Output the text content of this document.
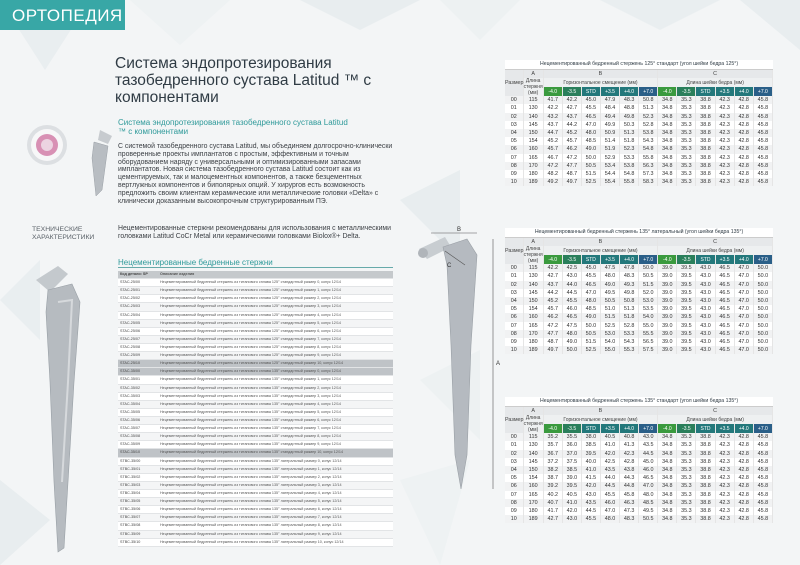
ОРТОПЕДИЯ
Система эндопротезирования тазобедренного сустава Latitud ™ с компонентами
Система эндопротезирования тазобедренного сустава Latitud ™ с компонентами
С системой тазобедренного сустава Latitud, мы объединяем долгосрочно-клинически проверенные проекты имплантатов с простым, эффективным и точным оборудованием наряду с универсальными и оптимизированными запасами имплантатов. Новая система тазобедренного сустава Latitud состоит как из цементируемых, так и малоцементных компонентов, а также безцементных вертлужных компонентов и биполярных опций. У хирургов есть возможность предложить своим клиентам керамические или металлические головки «Delta» с клинически доказанным высокопрочным структурированным ПЭ.
Нецементированные стержни рекомендованы для использования с металлическими головками Latitud CoCr Metal или керамическими головками Biolox®+ Delta.
ТЕХНИЧЕСКИЕ ХАРАКТЕРИСТИКИ
Нецементированные бедренные стержни
Код детали: SP	Описание изделия
STAC-25/00	Нецементированный бедренный стержень из титанового сплава 125° стандартный размер 0, конус 12/14
STAC-25/01	Нецементированный бедренный стержень из титанового сплава 125° стандартный размер 1, конус 12/14
STAC-25/02	Нецементированный бедренный стержень из титанового сплава 125° стандартный размер 2, конус 12/14
STAC-25/03	Нецементированный бедренный стержень из титанового сплава 125° стандартный размер 3, конус 12/14
STAC-25/04	Нецементированный бедренный стержень из титанового сплава 125° стандартный размер 4, конус 12/14
STAC-25/05	Нецементированный бедренный стержень из титанового сплава 125° стандартный размер 5, конус 12/14
STAC-25/06	Нецементированный бедренный стержень из титанового сплава 125° стандартный размер 6, конус 12/14
STAC-25/07	Нецементированный бедренный стержень из титанового сплава 125° стандартный размер 7, конус 12/14
STAC-25/08	Нецементированный бедренный стержень из титанового сплава 125° стандартный размер 8, конус 12/14
STAC-25/09	Нецементированный бедренный стержень из титанового сплава 125° стандартный размер 9, конус 12/14
STAC-25/10	Нецементированный бедренный стержень из титанового сплава 125° стандартный размер 10, конус 12/14
STAC-35/00	Нецементированный бедренный стержень из титанового сплава 135° стандартный размер 0, конус 12/14
STAC-35/01	Нецементированный бедренный стержень из титанового сплава 135° стандартный размер 1, конус 12/14
STAC-35/02	Нецементированный бедренный стержень из титанового сплава 135° стандартный размер 2, конус 12/14
STAC-35/03	Нецементированный бедренный стержень из титанового сплава 135° стандартный размер 3, конус 12/14
STAC-35/04	Нецементированный бедренный стержень из титанового сплава 135° стандартный размер 4, конус 12/14
STAC-35/05	Нецементированный бедренный стержень из титанового сплава 135° стандартный размер 5, конус 12/14
STAC-35/06	Нецементированный бедренный стержень из титанового сплава 135° стандартный размер 6, конус 12/14
STAC-35/07	Нецементированный бедренный стержень из титанового сплава 135° стандартный размер 7, конус 12/14
STAC-35/08	Нецементированный бедренный стержень из титанового сплава 135° стандартный размер 8, конус 12/14
STAC-35/09	Нецементированный бедренный стержень из титанового сплава 135° стандартный размер 9, конус 12/14
STAC-35/10	Нецементированный бедренный стержень из титанового сплава 135° стандартный размер 10, конус 12/14
STBC-35/00	Нецементированный бедренный стержень из титанового сплава 135° латеральный размер 0, конус 12/14
STBC-35/01	Нецементированный бедренный стержень из титанового сплава 135° латеральный размер 1, конус 12/14
STBC-35/02	Нецементированный бедренный стержень из титанового сплава 135° латеральный размер 2, конус 12/14
STBC-35/03	Нецементированный бедренный стержень из титанового сплава 135° латеральный размер 3, конус 12/14
STBC-35/04	Нецементированный бедренный стержень из титанового сплава 135° латеральный размер 4, конус 12/14
STBC-35/05	Нецементированный бедренный стержень из титанового сплава 135° латеральный размер 5, конус 12/14
STBC-35/06	Нецементированный бедренный стержень из титанового сплава 135° латеральный размер 6, конус 12/14
STBC-35/07	Нецементированный бедренный стержень из титанового сплава 135° латеральный размер 7, конус 12/14
STBC-35/08	Нецементированный бедренный стержень из титанового сплава 135° латеральный размер 8, конус 12/14
STBC-35/09	Нецементированный бедренный стержень из титанового сплава 135° латеральный размер 9, конус 12/14
STBC-35/10	Нецементированный бедренный стержень из титанового сплава 135° латеральный размер 10, конус 12/14
B
C
A
Нецементированный бедренный стержень 125° стандарт (угол шейки бедра 125°)
Размер	A	B						C					
	Длина стержня (мм)	Горизонтальное смещение (мм)						Длина шейки бедра (мм)					
		-4.0	-3.5	STD	+3.5	+4.0	+7.0	-4.0	-3.5	STD	+3.5	+4.0	+7.0
00	115	41.7	42.2	45.0	47.9	48.3	50.8	34.8	35.3	38.8	42.3	42.8	45.8
01	130	42.2	42.7	45.5	48.4	48.8	51.3	34.8	35.3	38.8	42.3	42.8	45.8
02	140	43.2	43.7	46.5	49.4	49.8	52.3	34.8	35.3	38.8	42.3	42.8	45.8
03	145	43.7	44.2	47.0	49.9	50.3	52.8	34.8	35.3	38.8	42.3	42.8	45.8
04	150	44.7	45.2	48.0	50.9	51.3	53.8	34.8	35.3	38.8	42.3	42.8	45.8
05	154	45.2	45.7	48.5	51.4	51.8	54.3	34.8	35.3	38.8	42.3	42.8	45.8
06	160	45.7	46.2	49.0	51.9	52.3	54.8	34.8	35.3	38.8	42.3	42.8	45.8
07	165	46.7	47.2	50.0	52.9	53.3	55.8	34.8	35.3	38.8	42.3	42.8	45.8
08	170	47.2	47.7	50.5	53.4	53.8	56.3	34.8	35.3	38.8	42.3	42.8	45.8
09	180	48.2	48.7	51.5	54.4	54.8	57.3	34.8	35.3	38.8	42.3	42.8	45.8
10	189	49.2	49.7	52.5	55.4	55.8	58.3	34.8	35.3	38.8	42.3	42.8	45.8
Нецементированный бедренный стержень 135° латеральный (угол шейки бедра 135°)
Размер	A	B						C					
	Длина стержня (мм)	Горизонтальное смещение (мм)						Длина шейки бедра (мм)					
		-4.0	-3.5	STD	+3.5	+4.0	+7.0	-4.0	-3.5	STD	+3.5	+4.0	+7.0
00	115	42.2	42.5	45.0	47.5	47.8	50.0	39.0	39.5	43.0	46.5	47.0	50.0
01	130	42.7	43.0	45.5	48.0	48.3	50.5	39.0	39.5	43.0	46.5	47.0	50.0
02	140	43.7	44.0	46.5	49.0	49.3	51.5	39.0	39.5	43.0	46.5	47.0	50.0
03	145	44.2	44.5	47.0	49.5	49.8	52.0	39.0	39.5	43.0	46.5	47.0	50.0
04	150	45.2	45.5	48.0	50.5	50.8	53.0	39.0	39.5	43.0	46.5	47.0	50.0
05	154	45.7	46.0	48.5	51.0	51.3	53.5	39.0	39.5	43.0	46.5	47.0	50.0
06	160	46.2	46.5	49.0	51.5	51.8	54.0	39.0	39.5	43.0	46.5	47.0	50.0
07	165	47.2	47.5	50.0	52.5	52.8	55.0	39.0	39.5	43.0	46.5	47.0	50.0
08	170	47.7	48.0	50.5	53.0	53.3	55.5	39.0	39.5	43.0	46.5	47.0	50.0
09	180	48.7	49.0	51.5	54.0	54.3	56.5	39.0	39.5	43.0	46.5	47.0	50.0
10	189	49.7	50.0	52.5	55.0	55.3	57.5	39.0	39.5	43.0	46.5	47.0	50.0
Нецементированный бедренный стержень 135° стандарт (угол шейки бедра 135°)
Размер	A	B						C					
	Длина стержня (мм)	Горизонтальное смещение (мм)						Длина шейки бедра (мм)					
		-4.0	-3.5	STD	+3.5	+4.0	+7.0	-4.0	-3.5	STD	+3.5	+4.0	+7.0
00	115	35.2	35.5	38.0	40.5	40.8	43.0	34.8	35.3	38.8	42.3	42.8	45.8
01	130	35.7	36.0	38.5	41.0	41.3	43.5	34.8	35.3	38.8	42.3	42.8	45.8
02	140	36.7	37.0	39.5	42.0	42.3	44.5	34.8	35.3	38.8	42.3	42.8	45.8
03	145	37.2	37.5	40.0	42.5	42.8	45.0	34.8	35.3	38.8	42.3	42.8	45.8
04	150	38.2	38.5	41.0	43.5	43.8	46.0	34.8	35.3	38.8	42.3	42.8	45.8
05	154	38.7	39.0	41.5	44.0	44.3	46.5	34.8	35.3	38.8	42.3	42.8	45.8
06	160	39.2	39.5	42.0	44.5	44.8	47.0	34.8	35.3	38.8	42.3	42.8	45.8
07	165	40.2	40.5	43.0	45.5	45.8	48.0	34.8	35.3	38.8	42.3	42.8	45.8
08	170	40.7	41.0	43.5	46.0	46.3	48.5	34.8	35.3	38.8	42.3	42.8	45.8
09	180	41.7	42.0	44.5	47.0	47.3	49.5	34.8	35.3	38.8	42.3	42.8	45.8
10	189	42.7	43.0	45.5	48.0	48.3	50.5	34.8	35.3	38.8	42.3	42.8	45.8
